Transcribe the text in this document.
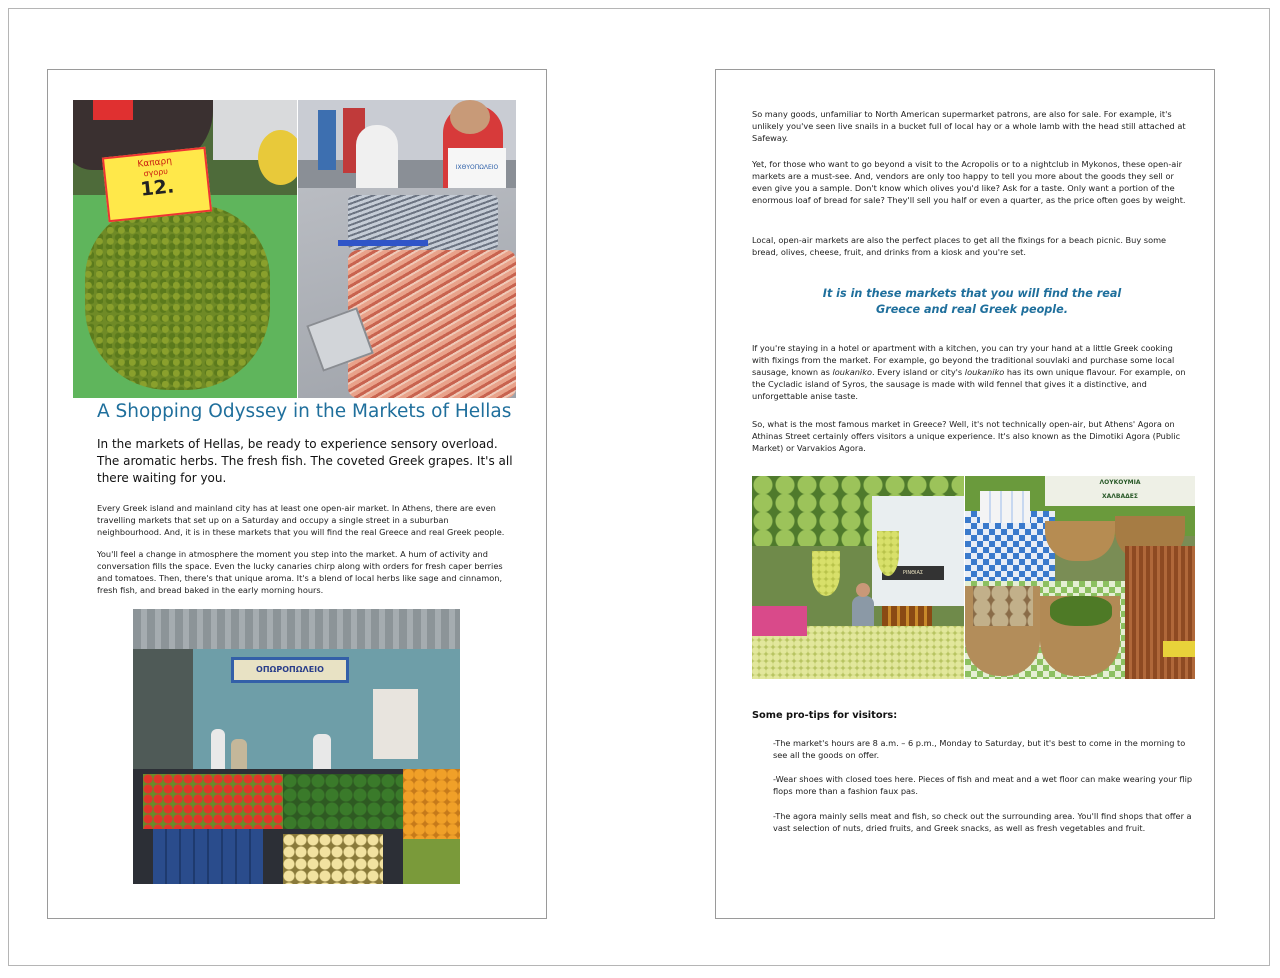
Καπαρη
σγορυ
12.
ΙΧΘΥΟΠΩΛΕΙΟ
A Shopping Odyssey in the Markets of Hellas

In the markets of Hellas, be ready to experience sensory overload. The aromatic herbs. The fresh fish. The coveted Greek grapes. It's all there waiting for you.

Every Greek island and mainland city has at least one open-air market. In Athens, there are even travelling markets that set up on a Saturday and occupy a single street in a suburban neighbourhood. And, it is in these markets that you will find the real Greece and real Greek people.

You'll feel a change in atmosphere the moment you step into the market. A hum of activity and conversation fills the space. Even the lucky canaries chirp along with orders for fresh caper berries and tomatoes. Then, there's that unique aroma. It's a blend of local herbs like sage and cinnamon, fresh fish, and bread baked in the early morning hours.

ΟΠΩΡΟΠΩΛΕΙΟ

So many goods, unfamiliar to North American supermarket patrons, are also for sale. For example, it's unlikely you've seen live snails in a bucket full of local hay or a whole lamb with the head still attached at Safeway.

Yet, for those who want to go beyond a visit to the Acropolis or to a nightclub in Mykonos, these open-air markets are a must-see. And, vendors are only too happy to tell you more about the goods they sell or even give you a sample. Don't know which olives you'd like? Ask for a taste. Only want a portion of the enormous loaf of bread for sale? They'll sell you half or even a quarter, as the price often goes by weight.

Local, open-air markets are also the perfect places to get all the fixings for a beach picnic. Buy some bread, olives, cheese, fruit, and drinks from a kiosk and you're set.

It is in these markets that you will find the real
Greece and real Greek people.

If you're staying in a hotel or apartment with a kitchen, you can try your hand at a little Greek cooking with fixings from the market. For example, go beyond the traditional souvlaki and purchase some local sausage, known as loukaniko. Every island or city's loukaniko has its own unique flavour. For example, on the Cycladic island of Syros, the sausage is made with wild fennel that gives it a distinctive, and unforgettable anise taste.

So, what is the most famous market in Greece? Well, it's not technically open-air, but Athens' Agora on Athinas Street certainly offers visitors a unique experience. It's also known as the Dimotiki Agora (Public Market) or Varvakios Agora.

ΡΙΝΘΙΑΣ
ΛΟΥΚΟΥΜΙΑ
ΧΑΛΒΑΔΕΣ

Some pro-tips for visitors:

-The market's hours are 8 a.m. – 6 p.m., Monday to Saturday, but it's best to come in the morning to see all the goods on offer.

-Wear shoes with closed toes here. Pieces of fish and meat and a wet floor can make wearing your flip flops more than a fashion faux pas.

-The agora mainly sells meat and fish, so check out the surrounding area. You'll find shops that offer a vast selection of nuts, dried fruits, and Greek snacks, as well as fresh vegetables and fruit.
